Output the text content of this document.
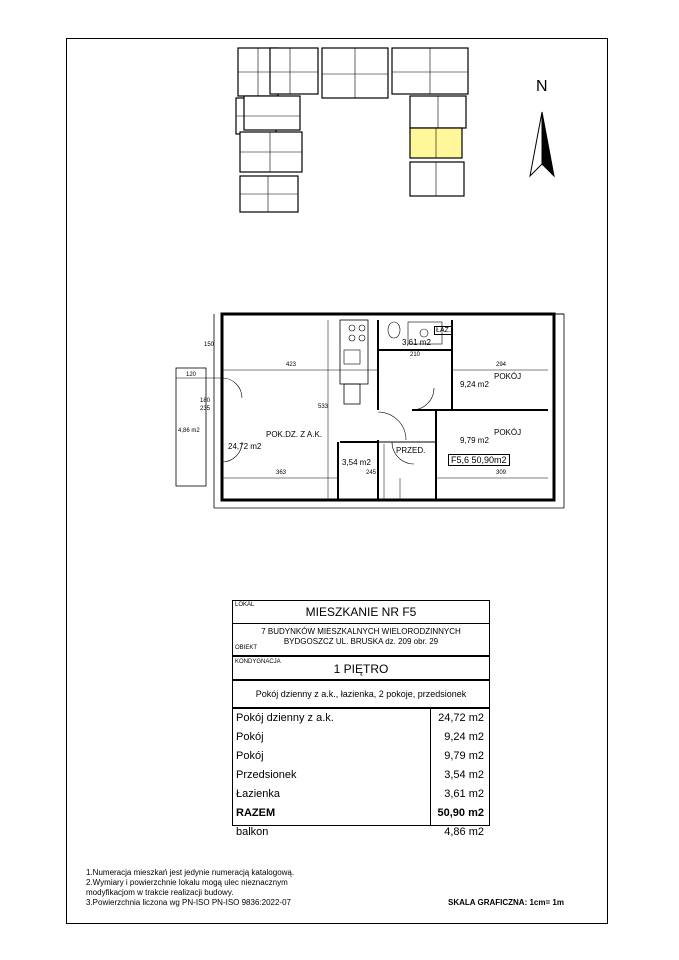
N
ŁAZ.
3,61 m2
POKÓJ
9,24 m2
POKÓJ
9,79 m2
POK.DZ. Z A.K.
24,72 m2	PRZED.
3,54 m2
4,86 m2
F5,6 50,90m2
423	294
533
363	245	309
210
120
150
180
235
LOKAL	MIESZKANIE NR F5
7 BUDYNKÓW MIESZKALNYCH WIELORODZINNYCH
BYDGOSZCZ UL. BRUSKA dz. 209 obr. 29
OBIEKT
KONDYGNACJA	1 PIĘTRO
Pokój dzienny z a.k., łazienka, 2 pokoje, przedsionek
Pokój dzienny z a.k.	24,72 m2
Pokój	9,24 m2
Pokój	9,79 m2
Przedsionek	3,54 m2
Łazienka	3,61 m2
RAZEM	50,90 m2
balkon	4,86 m2
1.Numeracja mieszkań jest jedynie numeracją katalogową.
2.Wymiary i powierzchnie lokalu mogą ulec nieznacznym
modyfikacjom w trakcie realizacji budowy.
3.Powierzchnia liczona wg PN-ISO PN-ISO 9836:2022-07	SKALA GRAFICZNA: 1cm= 1m
